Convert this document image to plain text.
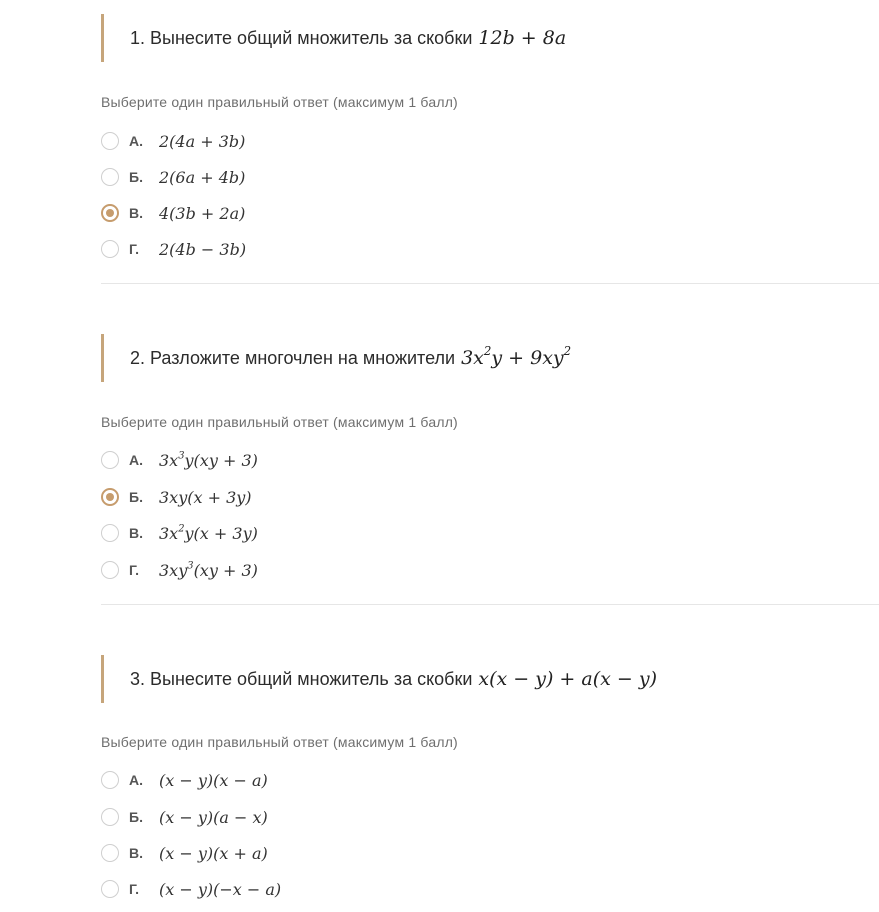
1. Вынесите общий множитель за скобки 12b + 8a
Выберите один правильный ответ (максимум 1 балл)
А.	2(4a + 3b)
Б.	2(6a + 4b)
В.	4(3b + 2a)
Г.	2(4b − 3b)
2. Разложите многочлен на множители $3x^2y + 9xy^2$
Выберите один правильный ответ (максимум 1 балл)
А.	$3x^3y(xy + 3)$
Б.	3xy(x + 3y)
В.	$3x^2y(x + 3y)$
Г.	$3xy^3(xy + 3)$
3. Вынесите общий множитель за скобки x(x − y) + a(x − y)
Выберите один правильный ответ (максимум 1 балл)
А.	(x − y)(x − a)
Б.	(x − y)(a − x)
В.	(x − y)(x + a)
Г.	(x − y)(−x − a)
